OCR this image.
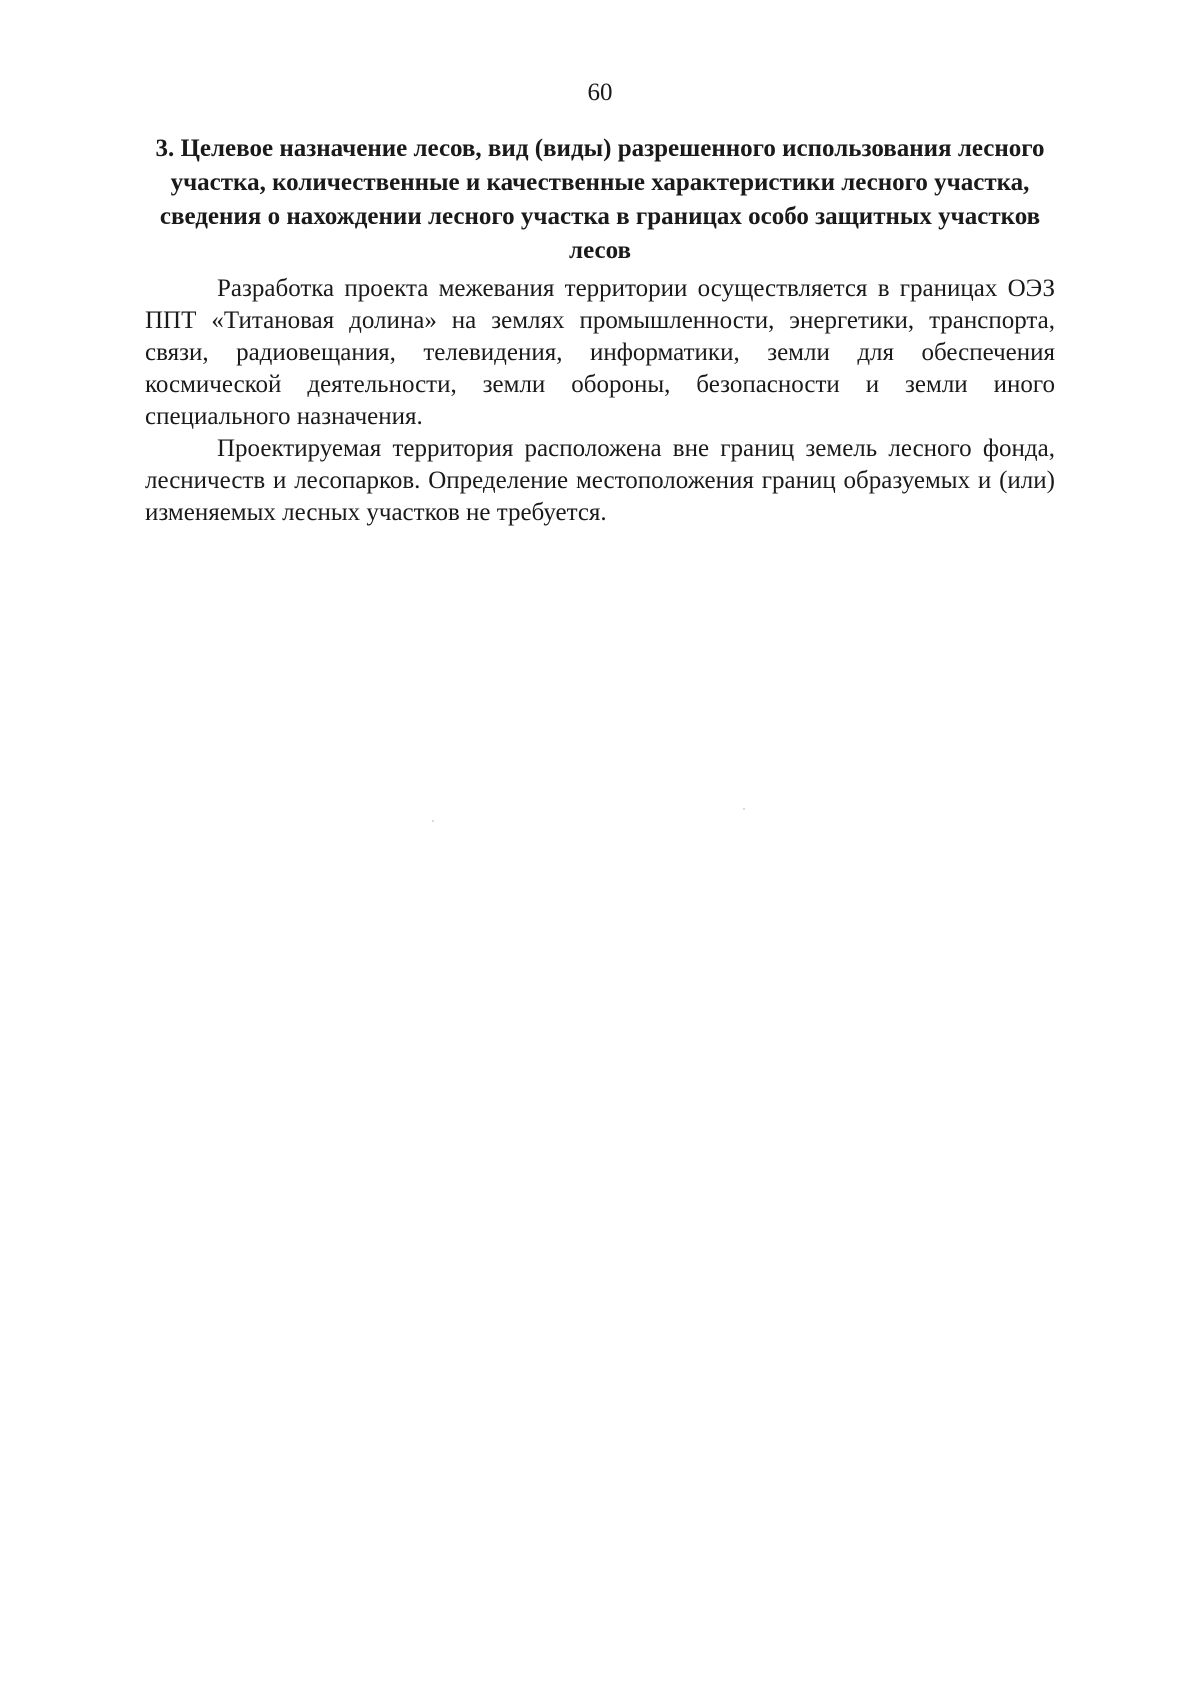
60
3. Целевое назначение лесов, вид (виды) разрешенного использования лесного участка, количественные и качественные характеристики лесного участка, сведения о нахождении лесного участка в границах особо защитных участков лесов

Разработка проекта межевания территории осуществляется в границах ОЭЗ ППТ «Титановая долина» на землях промышленности, энергетики, транспорта, связи, радиовещания, телевидения, информатики, земли для обеспечения космической деятельности, земли обороны, безопасности и земли иного специального назначения.

Проектируемая территория расположена вне границ земель лесного фонда, лесничеств и лесопарков. Определение местоположения границ образуемых и (или) изменяемых лесных участков не требуется.
